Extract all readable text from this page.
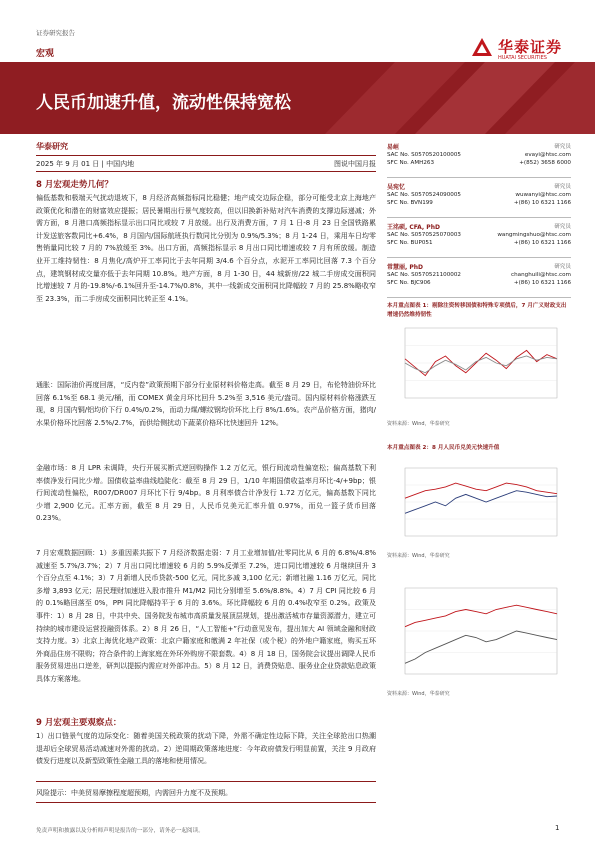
证券研究报告
宏观	华泰证券
HUATAI SECURITIES
人民币加速升值，流动性保持宽松
华泰研究
2025 年 9 月 01 日 | 中国内地	图说中国月报
8 月宏观走势几何？
偏低基数和极端天气扰动退坡下，8 月经济高频指标同比稳健；地产成交边际企稳，部分可能受北京上海地产政策优化和潜在的财富效应提振；居民暑期出行景气度较高，但以旧换新补贴对汽车消费的支撑边际递减；外需方面，8 月港口高频指标显示出口同比或较 7 月放缓。出行及消费方面，7 月 1 日-8 月 23 日全国铁路累计发送旅客数同比+6.4%，8 月国内/国际航班执行数同比分别为 0.9%/5.3%；8 月 1-24 日，乘用车日均零售销量同比较 7 月的 7%放缓至 3%。出口方面，高频指标显示 8 月出口同比增速或较 7 月有所放缓。制造业开工维持韧性：8 月焦化/高炉开工率同比于去年同期 3/4.6 个百分点，水泥开工率同比回落 7.3 个百分点，建筑钢材成交量亦低于去年同期 10.8%。地产方面，8 月 1-30 日，44 城新房/22 城二手房成交面积同比增速较 7 月的-19.8%/-6.1%回升至-14.7%/0.8%，其中一线新成交面积同比降幅较 7 月的 25.8%略收窄至 23.3%，而二手房成交面积同比转正至 4.1%。
通胀：国际油价再度回落，“反内卷”政策预期下部分行业原材料价格走高。截至 8 月 29 日，布伦特油价环比回落 6.1%至 68.1 美元/桶，而 COMEX 黄金月环比回升 5.2%至 3,516 美元/盎司。国内原材料价格涨跌互现，8 月国内铜/铝均价下行 0.4%/0.2%，而动力煤/螺纹钢均价环比上行 8%/1.6%。农产品价格方面，猪肉/水果价格环比回落 2.5%/2.7%，而供给侧扰动下蔬菜价格环比快速回升 12%。
金融市场：8 月 LPR 未调降，央行开展买断式逆回购操作 1.2 万亿元，银行间流动性偏宽松；偏高基数下利率债净发行同比少增。国债收益率曲线趋陡化：截至 8 月 29 日，1/10 年期国债收益率月环比-4/+9bp；银行间流动性偏松，R007/DR007 月环比下行 9/4bp。8 月利率债合计净发行 1.72 万亿元，偏高基数下同比少增 2,900 亿元。汇率方面，截至 8 月 29 日，人民币兑美元汇率升值 0.97%，而兑一篮子货币回落 0.23%。
7 月宏观数据回顾：1）多重因素共振下 7 月经济数据走弱：7 月工业增加值/社零同比从 6 月的 6.8%/4.8%减速至 5.7%/3.7%；2）7 月出口同比增速较 6 月的 5.9%反弹至 7.2%，进口同比增速较 6 月继续回升 3 个百分点至 4.1%；3）7 月新增人民币贷款-500 亿元，同比多减 3,100 亿元；新增社融 1.16 万亿元，同比多增 3,893 亿元；居民理财加速进入股市推升 M1/M2 同比分别增至 5.6%/8.8%。4）7 月 CPI 同比较 6 月的 0.1%略回落至 0%，PPI 同比降幅持平于 6 月的 3.6%。环比降幅较 6 月的 0.4%收窄至 0.2%。政策及事件：1）8 月 28 日，中共中央、国务院发布城市高质量发展顶层规划，提出激活城市存量资源潜力，建立可持续的城市建设运营投融资体系。2）8 月 26 日，“人工智能+”行动意见发布，提出加大 AI 领域金融和财政支持力度。3）北京上海优化地产政策：北京户籍家庭和缴满 2 年社保（或个税）的外地户籍家庭，购买五环外商品住房不限购；符合条件的上海家庭在外环外购房不限套数。4）8 月 18 日，国务院会议提出调降人民币服务贸易进出口逆差，研判以提振内需应对外部冲击。5）8 月 12 日，消费贷贴息、服务业企业贷款贴息政策具体方案落地。
9 月宏观主要观察点：
1）出口链景气度的边际变化：随着美国关税政策的扰动下降，外需不确定性边际下降，关注全球抢出口热潮退却后全球贸易活动减速对外需的扰动。2）逆周期政策落地进度：今年政府债发行明显前置，关注 9 月政府债发行进度以及新型政策性金融工具的落地和使用情况。
风险提示：中美贸易摩擦程度超预期，内需回升力度不及预期。
易峘	研究员
SAC No. S0570520100005
SFC No. AMH263
evayi@htsc.com
+(852) 3658 6000
吴宛忆	研究员
SAC No. S0570524090005
SFC No. BVN199
wuwanyi@htsc.com
+(86) 10 6321 1166
王洺硕, CFA, PhD	研究员
SAC No. S0570525070003
SFC No. BUP051
wangmingshuo@htsc.com
+(86) 10 6321 1166
常慧丽, PhD	研究员
SAC No. S0570521100002
SFC No. BJC906
changhuili@htsc.com
+(86) 10 6321 1166
本月重点图表 1：剔除注资转移国债和特殊专项债后，7 月广义财政支出增速仍然维持韧性
资料来源：Wind，华泰研究
本月重点图表 2：8 月人民币兑美元快速升值
资料来源：Wind，华泰研究
资料来源：Wind，华泰研究
免责声明和披露以及分析师声明是报告的一部分，请务必一起阅读。	1
